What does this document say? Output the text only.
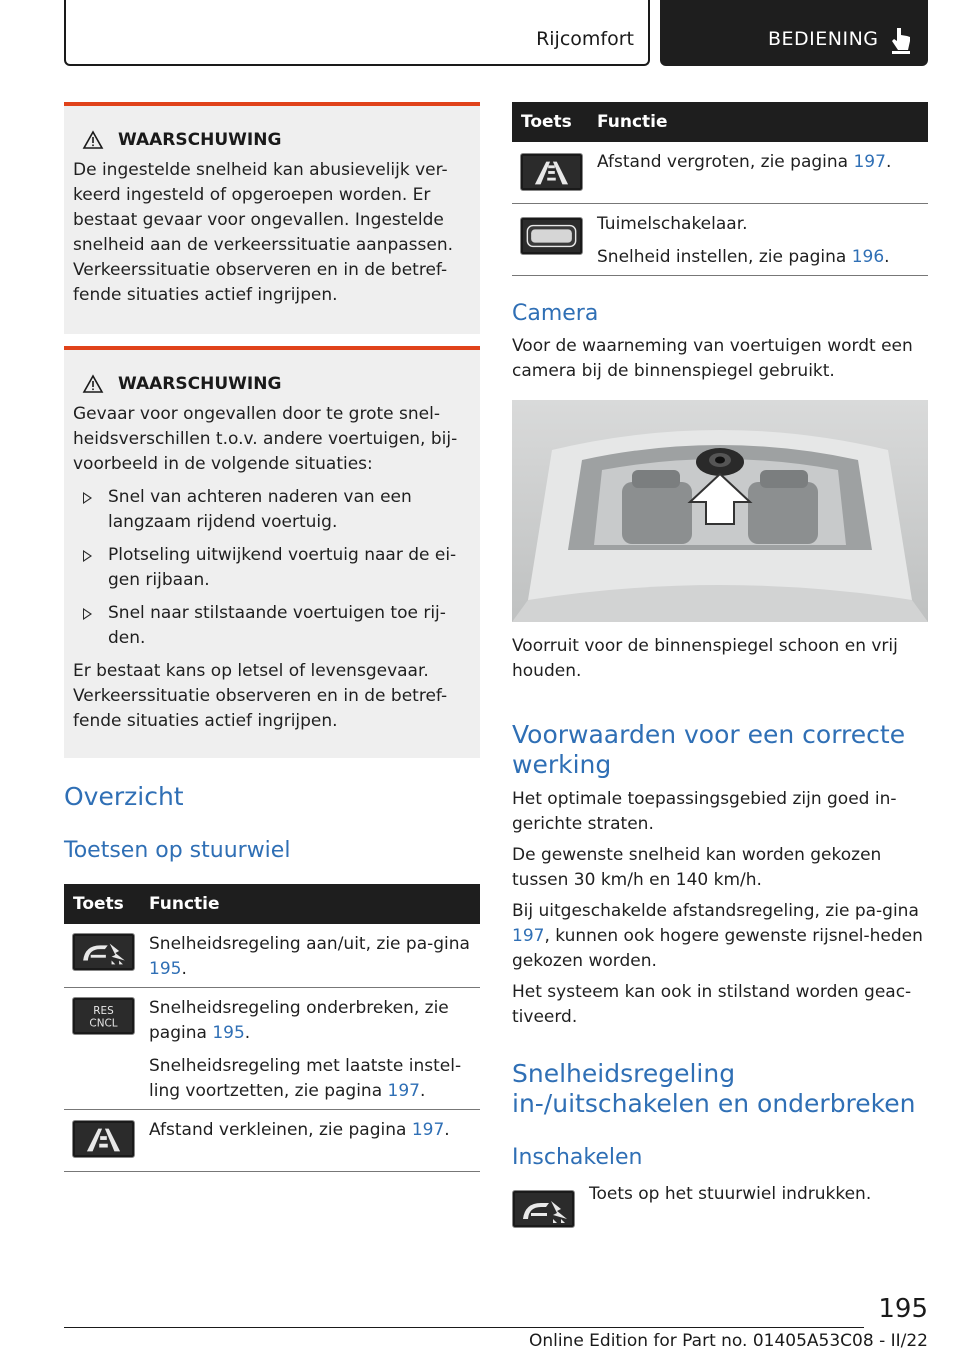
Rijcomfort	BEDIENING
WAARSCHUWING

De ingestelde snelheid kan abusievelijk ver-keerd ingesteld of opgeroepen worden. Er bestaat gevaar voor ongevallen. Ingestelde snelheid aan de verkeerssituatie aanpassen. Verkeerssituatie observeren en in de betref-fende situaties actief ingrijpen.

WAARSCHUWING

Gevaar voor ongevallen door te grote snel-heidsverschillen t.o.v. andere voertuigen, bij-voorbeeld in de volgende situaties:

Snel van achteren naderen van een langzaam rijdend voertuig.
Plotseling uitwijkend voertuig naar de ei-gen rijbaan.
Snel naar stilstaande voertuigen toe rij-den.

Er bestaat kans op letsel of levensgevaar. Verkeerssituatie observeren en in de betref-fende situaties actief ingrijpen.

Overzicht
Toetsen op stuurwiel
Toets Functie

Snelheidsregeling aan/uit, zie pa-gina 195.

RES
CNCL

Snelheidsregeling onderbreken, zie pagina 195.

Snelheidsregeling met laatste instel-ling voortzetten, zie pagina 197.

Afstand verkleinen, zie pagina 197.

Toets Functie

Afstand vergroten, zie pagina 197.

Tuimelschakelaar.

Snelheid instellen, zie pagina 196.

Camera

Voor de waarneming van voertuigen wordt een camera bij de binnenspiegel gebruikt.

Voorruit voor de binnenspiegel schoon en vrij houden.

Voorwaarden voor een correcte werking

Het optimale toepassingsgebied zijn goed in-gerichte straten.

De gewenste snelheid kan worden gekozen tussen 30 km/h en 140 km/h.

Bij uitgeschakelde afstandsregeling, zie pa-gina 197, kunnen ook hogere gewenste rijsnel-heden gekozen worden.

Het systeem kan ook in stilstand worden geac-tiveerd.

Snelheidsregeling in-/uitschakelen en onderbreken
Inschakelen

Toets op het stuurwiel indrukken.

195
Online Edition for Part no. 01405A53C08 - II/22
